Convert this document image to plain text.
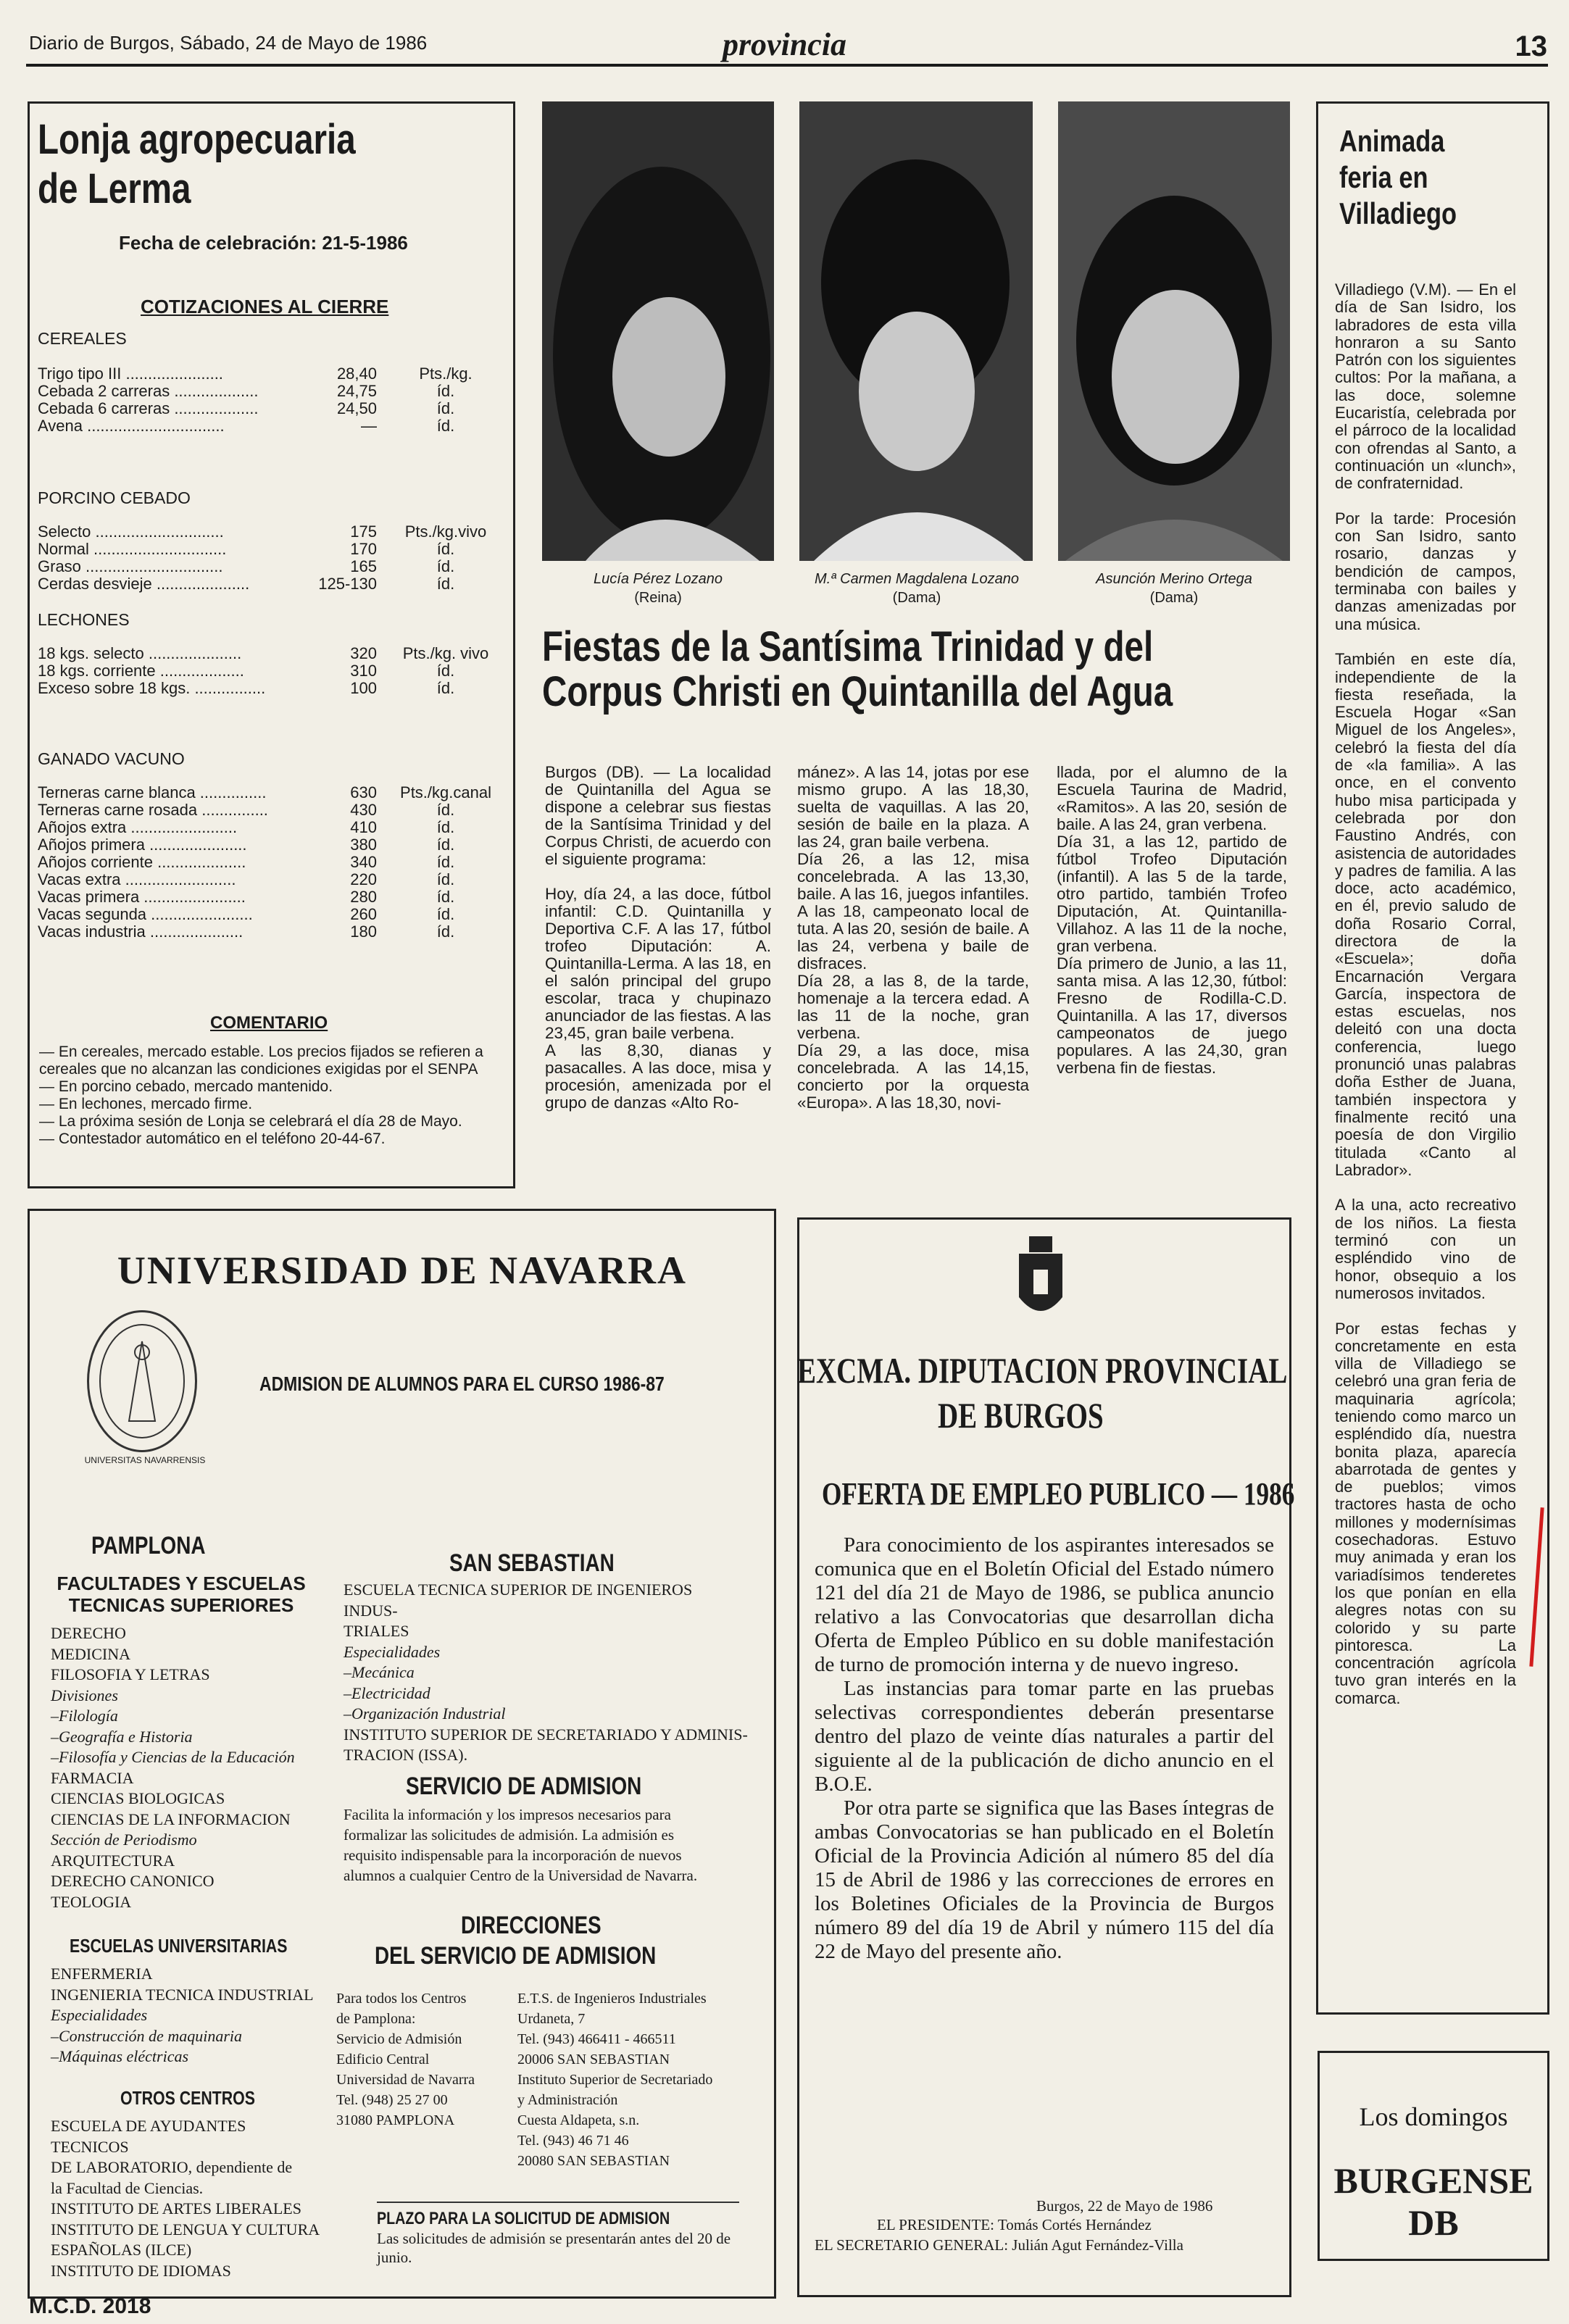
Diario de Burgos, Sábado, 24 de Mayo de 1986	provincia	13
Lonja agropecuaria
de Lerma
Fecha de celebración: 21-5-1986
COTIZACIONES AL CIERRE
CEREALES
Trigo tipo III ......................	28,40	Pts./kg.
Cebada 2 carreras ...................	24,75	íd.
Cebada 6 carreras ...................	24,50	íd.
Avena ...............................	—	íd.
PORCINO CEBADO
Selecto .............................	175	Pts./kg.vivo
Normal ..............................	170	íd.
Graso ...............................	165	íd.
Cerdas desvieje .....................	125-130	íd.
LECHONES
18 kgs. selecto .....................	320	Pts./kg. vivo
18 kgs. corriente ...................	310	íd.
Exceso sobre 18 kgs. ................	100	íd.
GANADO VACUNO
Terneras carne blanca ...............	630	Pts./kg.canal
Terneras carne rosada ...............	430	íd.
Añojos extra ........................	410	íd.
Añojos primera ......................	380	íd.
Añojos corriente ....................	340	íd.
Vacas extra .........................	220	íd.
Vacas primera .......................	280	íd.
Vacas segunda .......................	260	íd.
Vacas industria .....................	180	íd.
COMENTARIO
— En cereales, mercado estable. Los precios fijados se refieren a cereales que no alcanzan las condiciones exigidas por el SENPA
— En porcino cebado, mercado mantenido.
— En lechones, mercado firme.
— La próxima sesión de Lonja se celebrará el día 28 de Mayo.
— Contestador automático en el teléfono 20-44-67.
Lucía Pérez Lozano
(Reina)
M.ª Carmen Magdalena Lozano
(Dama)
Asunción Merino Ortega
(Dama)
Fiestas de la Santísima Trinidad y del
Corpus Christi en Quintanilla del Agua
Burgos (DB). — La localidad de Quintanilla del Agua se dispone a celebrar sus fiestas de la Santísima Trinidad y del Corpus Christi, de acuerdo con el siguiente programa:

Hoy, día 24, a las doce, fútbol infantil: C.D. Quintanilla y Deportiva C.F. A las 17, fútbol trofeo Diputación: A. Quintanilla-Lerma. A las 18, en el salón principal del grupo escolar, traca y chupinazo anunciador de las fiestas. A las 23,45, gran baile verbena.
A las 8,30, dianas y pasacalles. A las doce, misa y procesión, amenizada por el grupo de danzas «Alto Ro-
mánez». A las 14, jotas por ese mismo grupo. A las 18,30, suelta de vaquillas. A las 20, sesión de baile en la plaza. A las 24, gran baile verbena.
Día 26, a las 12, misa concelebrada. A las 13,30, baile. A las 16, juegos infantiles. A las 18, campeonato local de tuta. A las 20, sesión de baile. A las 24, verbena y baile de disfraces.
Día 28, a las 8, de la tarde, homenaje a la tercera edad. A las 11 de la noche, gran verbena.
Día 29, a las doce, misa concelebrada. A las 14,15, concierto por la orquesta «Europa». A las 18,30, novi-
llada, por el alumno de la Escuela Taurina de Madrid, «Ramitos». A las 20, sesión de baile. A las 24, gran verbena.
Día 31, a las 12, partido de fútbol Trofeo Diputación (infantil). A las 5 de la tarde, otro partido, también Trofeo Diputación, At. Quintanilla-Villahoz. A las 11 de la noche, gran verbena.
Día primero de Junio, a las 11, santa misa. A las 12,30, fútbol: Fresno de Rodilla-C.D. Quintanilla. A las 17, diversos campeonatos de juego populares. A las 24,30, gran verbena fin de fiestas.
Animada
feria en
Villadiego
Villadiego (V.M). — En el día de San Isidro, los labradores de esta villa honraron a su Santo Patrón con los siguientes cultos: Por la mañana, a las doce, solemne Eucaristía, celebrada por el párroco de la localidad con ofrendas al Santo, a continuación un «lunch», de confraternidad.

Por la tarde: Procesión con San Isidro, santo rosario, danzas y bendición de campos, terminaba con bailes y danzas amenizadas por una música.

También en este día, independiente de la fiesta reseñada, la Escuela Hogar «San Miguel de los Angeles», celebró la fiesta del día de «la familia». A las once, en el convento hubo misa participada y celebrada por don Faustino Andrés, con asistencia de autoridades y padres de familia. A las doce, acto académico, en él, previo saludo de doña Rosario Corral, directora de la «Escuela»; doña Encarnación Vergara García, inspectora de estas escuelas, nos deleitó con una docta conferencia, luego pronunció unas palabras doña Esther de Juana, también inspectora y finalmente recitó una poesía de don Virgilio titulada «Canto al Labrador».

A la una, acto recreativo de los niños. La fiesta terminó con un espléndido vino de honor, obsequio a los numerosos invitados.

Por estas fechas y concretamente en esta villa de Villadiego se celebró una gran feria de maquinaria agrícola; teniendo como marco un espléndido día, nuestra bonita plaza, aparecía abarrotada de gentes y de pueblos; vimos tractores hasta de ocho millones y modernísimas cosechadoras. Estuvo muy animada y eran los variadísimos tenderetes los que ponían en ella alegres notas con su colorido y su parte pintoresca. La concentración agrícola tuvo gran interés en la comarca.
Los domingos
BURGENSE DB
UNIVERSIDAD DE NAVARRA
UNIVERSITAS NAVARRENSIS
ADMISION DE ALUMNOS PARA EL CURSO 1986-87
PAMPLONA
FACULTADES Y ESCUELAS TECNICAS SUPERIORES
DERECHO
MEDICINA
FILOSOFIA Y LETRAS
Divisiones
–Filología
–Geografía e Historia
–Filosofía y Ciencias de la Educación
FARMACIA
CIENCIAS BIOLOGICAS
CIENCIAS DE LA INFORMACION
Sección de Periodismo
ARQUITECTURA
DERECHO CANONICO
TEOLOGIA
ESCUELAS UNIVERSITARIAS
ENFERMERIA
INGENIERIA TECNICA INDUSTRIAL
Especialidades
–Construcción de maquinaria
–Máquinas eléctricas
OTROS CENTROS
ESCUELA DE AYUDANTES TECNICOS
DE LABORATORIO, dependiente de
la Facultad de Ciencias.
INSTITUTO DE ARTES LIBERALES
INSTITUTO DE LENGUA Y CULTURA
ESPAÑOLAS (ILCE)
INSTITUTO DE IDIOMAS
SAN SEBASTIAN
ESCUELA TECNICA SUPERIOR DE INGENIEROS INDUS-
TRIALES
Especialidades
–Mecánica
–Electricidad
–Organización Industrial
INSTITUTO SUPERIOR DE SECRETARIADO Y ADMINIS-
TRACION (ISSA).
SERVICIO DE ADMISION
Facilita la información y los impresos necesarios para formalizar las solicitudes de admisión. La admisión es requisito indispensable para la incorporación de nuevos alumnos a cualquier Centro de la Universidad de Navarra.
DIRECCIONES
DEL SERVICIO DE ADMISION
Para todos los Centros
de Pamplona:
Servicio de Admisión
Edificio Central
Universidad de Navarra
Tel. (948) 25 27 00
31080 PAMPLONA
E.T.S. de Ingenieros Industriales
Urdaneta, 7
Tel. (943) 466411 - 466511
20006 SAN SEBASTIAN
Instituto Superior de Secretariado
y Administración
Cuesta Aldapeta, s.n.
Tel. (943) 46 71 46
20080 SAN SEBASTIAN
PLAZO PARA LA SOLICITUD DE ADMISION
Las solicitudes de admisión se presentarán antes del 20 de junio.
EXCMA. DIPUTACION PROVINCIAL
DE BURGOS
OFERTA DE EMPLEO PUBLICO — 1986
Para conocimiento de los aspirantes interesados se comunica que en el Boletín Oficial del Estado número 121 del día 21 de Mayo de 1986, se publica anuncio relativo a las Convocatorias que desarrollan dicha Oferta de Empleo Público en su doble manifestación de turno de promoción interna y de nuevo ingreso.
Las instancias para tomar parte en las pruebas selectivas correspondientes deberán presentarse dentro del plazo de veinte días naturales a partir del siguiente al de la publicación de dicho anuncio en el B.O.E.
Por otra parte se significa que las Bases íntegras de ambas Convocatorias se han publicado en el Boletín Oficial de la Provincia Adición al número 85 del día 15 de Abril de 1986 y las correcciones de errores en los Boletines Oficiales de la Provincia de Burgos número 89 del día 19 de Abril y número 115 del día 22 de Mayo del presente año.
Burgos, 22 de Mayo de 1986
EL PRESIDENTE: Tomás Cortés Hernández
EL SECRETARIO GENERAL: Julián Agut Fernández-Villa
M.C.D. 2018
